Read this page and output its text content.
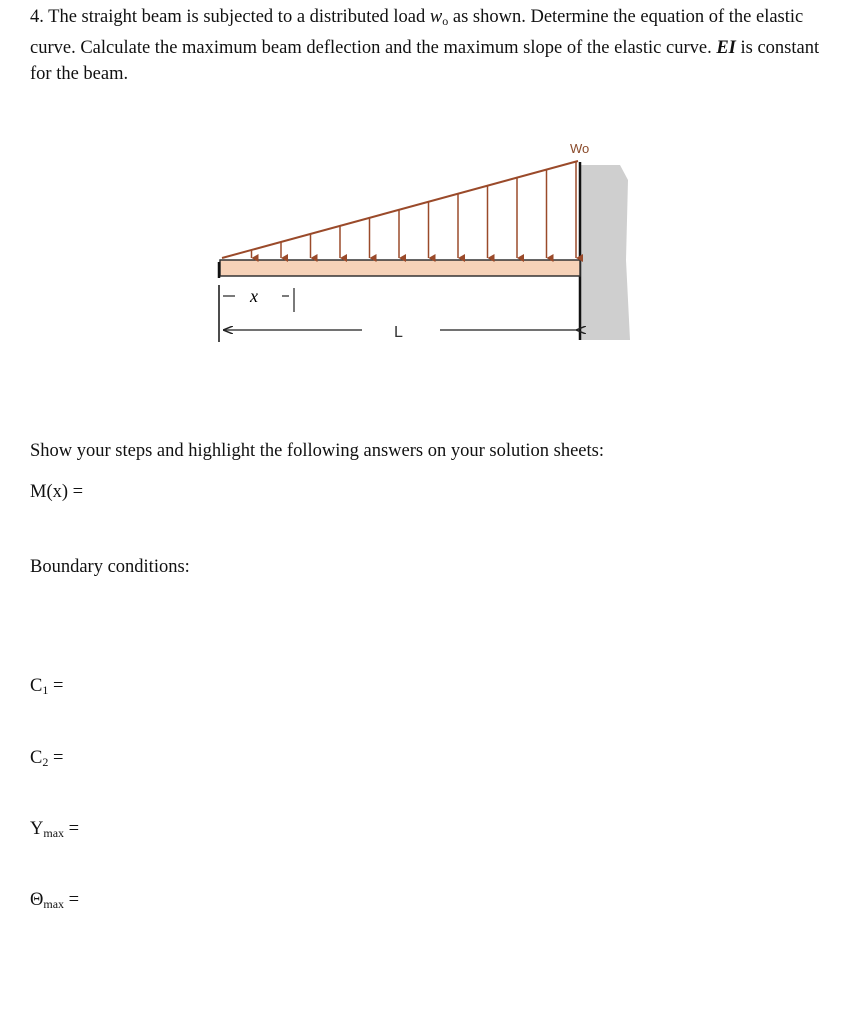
4. The straight beam is subjected to a distributed load $w_o$ as shown. Determine the equation of the elastic curve. Calculate the maximum beam deflection and the maximum slope of the elastic curve. EI is constant for the beam.

Wo
x
L

Show your steps and highlight the following answers on your solution sheets:

M(x) =

Boundary conditions:

$C_1$ =

$C_2$ =

$Y_{max}$ =

$\Theta_{max}$ =
